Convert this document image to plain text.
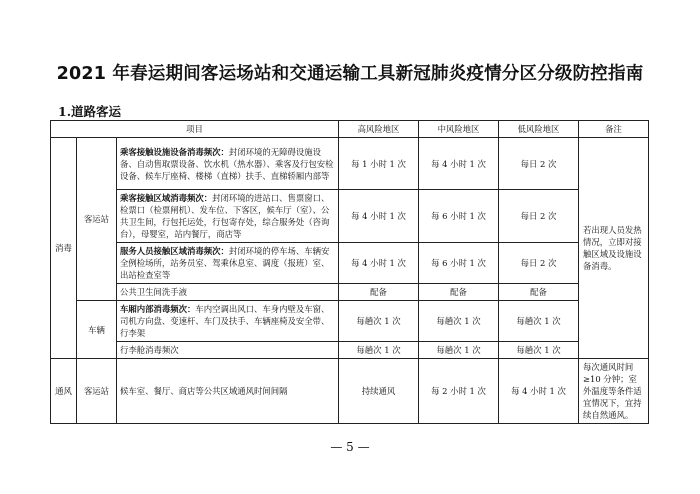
2021 年春运期间客运场站和交通运输工具新冠肺炎疫情分区分级防控指南
1.道路客运
项目			高风险地区	中风险地区	低风险地区	备注
消毒	客运站	乘客接触设施设备消毒频次：封闭环境的无障碍设施设备、自动售取票设备、饮水机（热水器）、乘客及行包安检设备、候车厅座椅、楼梯（直梯）扶手、直梯轿厢内部等	每 1 小时 1 次	每 4 小时 1 次	每日 2 次	若出现人员发热情况，立即对接触区域及设施设备消毒。
		乘客接触区域消毒频次：封闭环境的进站口、售票窗口、检票口（检票闸机）、发车位、下客区，候车厅（室）、公共卫生间，行包托运处，行包寄存处，综合服务处（咨询台），母婴室，站内餐厅，商店等	每 4 小时 1 次	每 6 小时 1 次	每日 2 次	
		服务人员接触区域消毒频次：封闭环境的停车场、车辆安全例检场所，站务员室、驾乘休息室、调度（报班）室、出站检查室等	每 4 小时 1 次	每 6 小时 1 次	每日 2 次	
		公共卫生间洗手液	配备	配备	配备	
	车辆	车厢内部消毒频次：车内空调出风口、车身内壁及车窗、司机方向盘、变速杆、车门及扶手、车辆座椅及安全带、行李架	每趟次 1 次	每趟次 1 次	每趟次 1 次	
		行李舱消毒频次	每趟次 1 次	每趟次 1 次	每趟次 1 次	
通风	客运站	候车室、餐厅、商店等公共区域通风时间间隔	持续通风	每 2 小时 1 次	每 4 小时 1 次	每次通风时间≥10 分钟；室外温度等条件适宜情况下，宜持续自然通风。
— 5 —
